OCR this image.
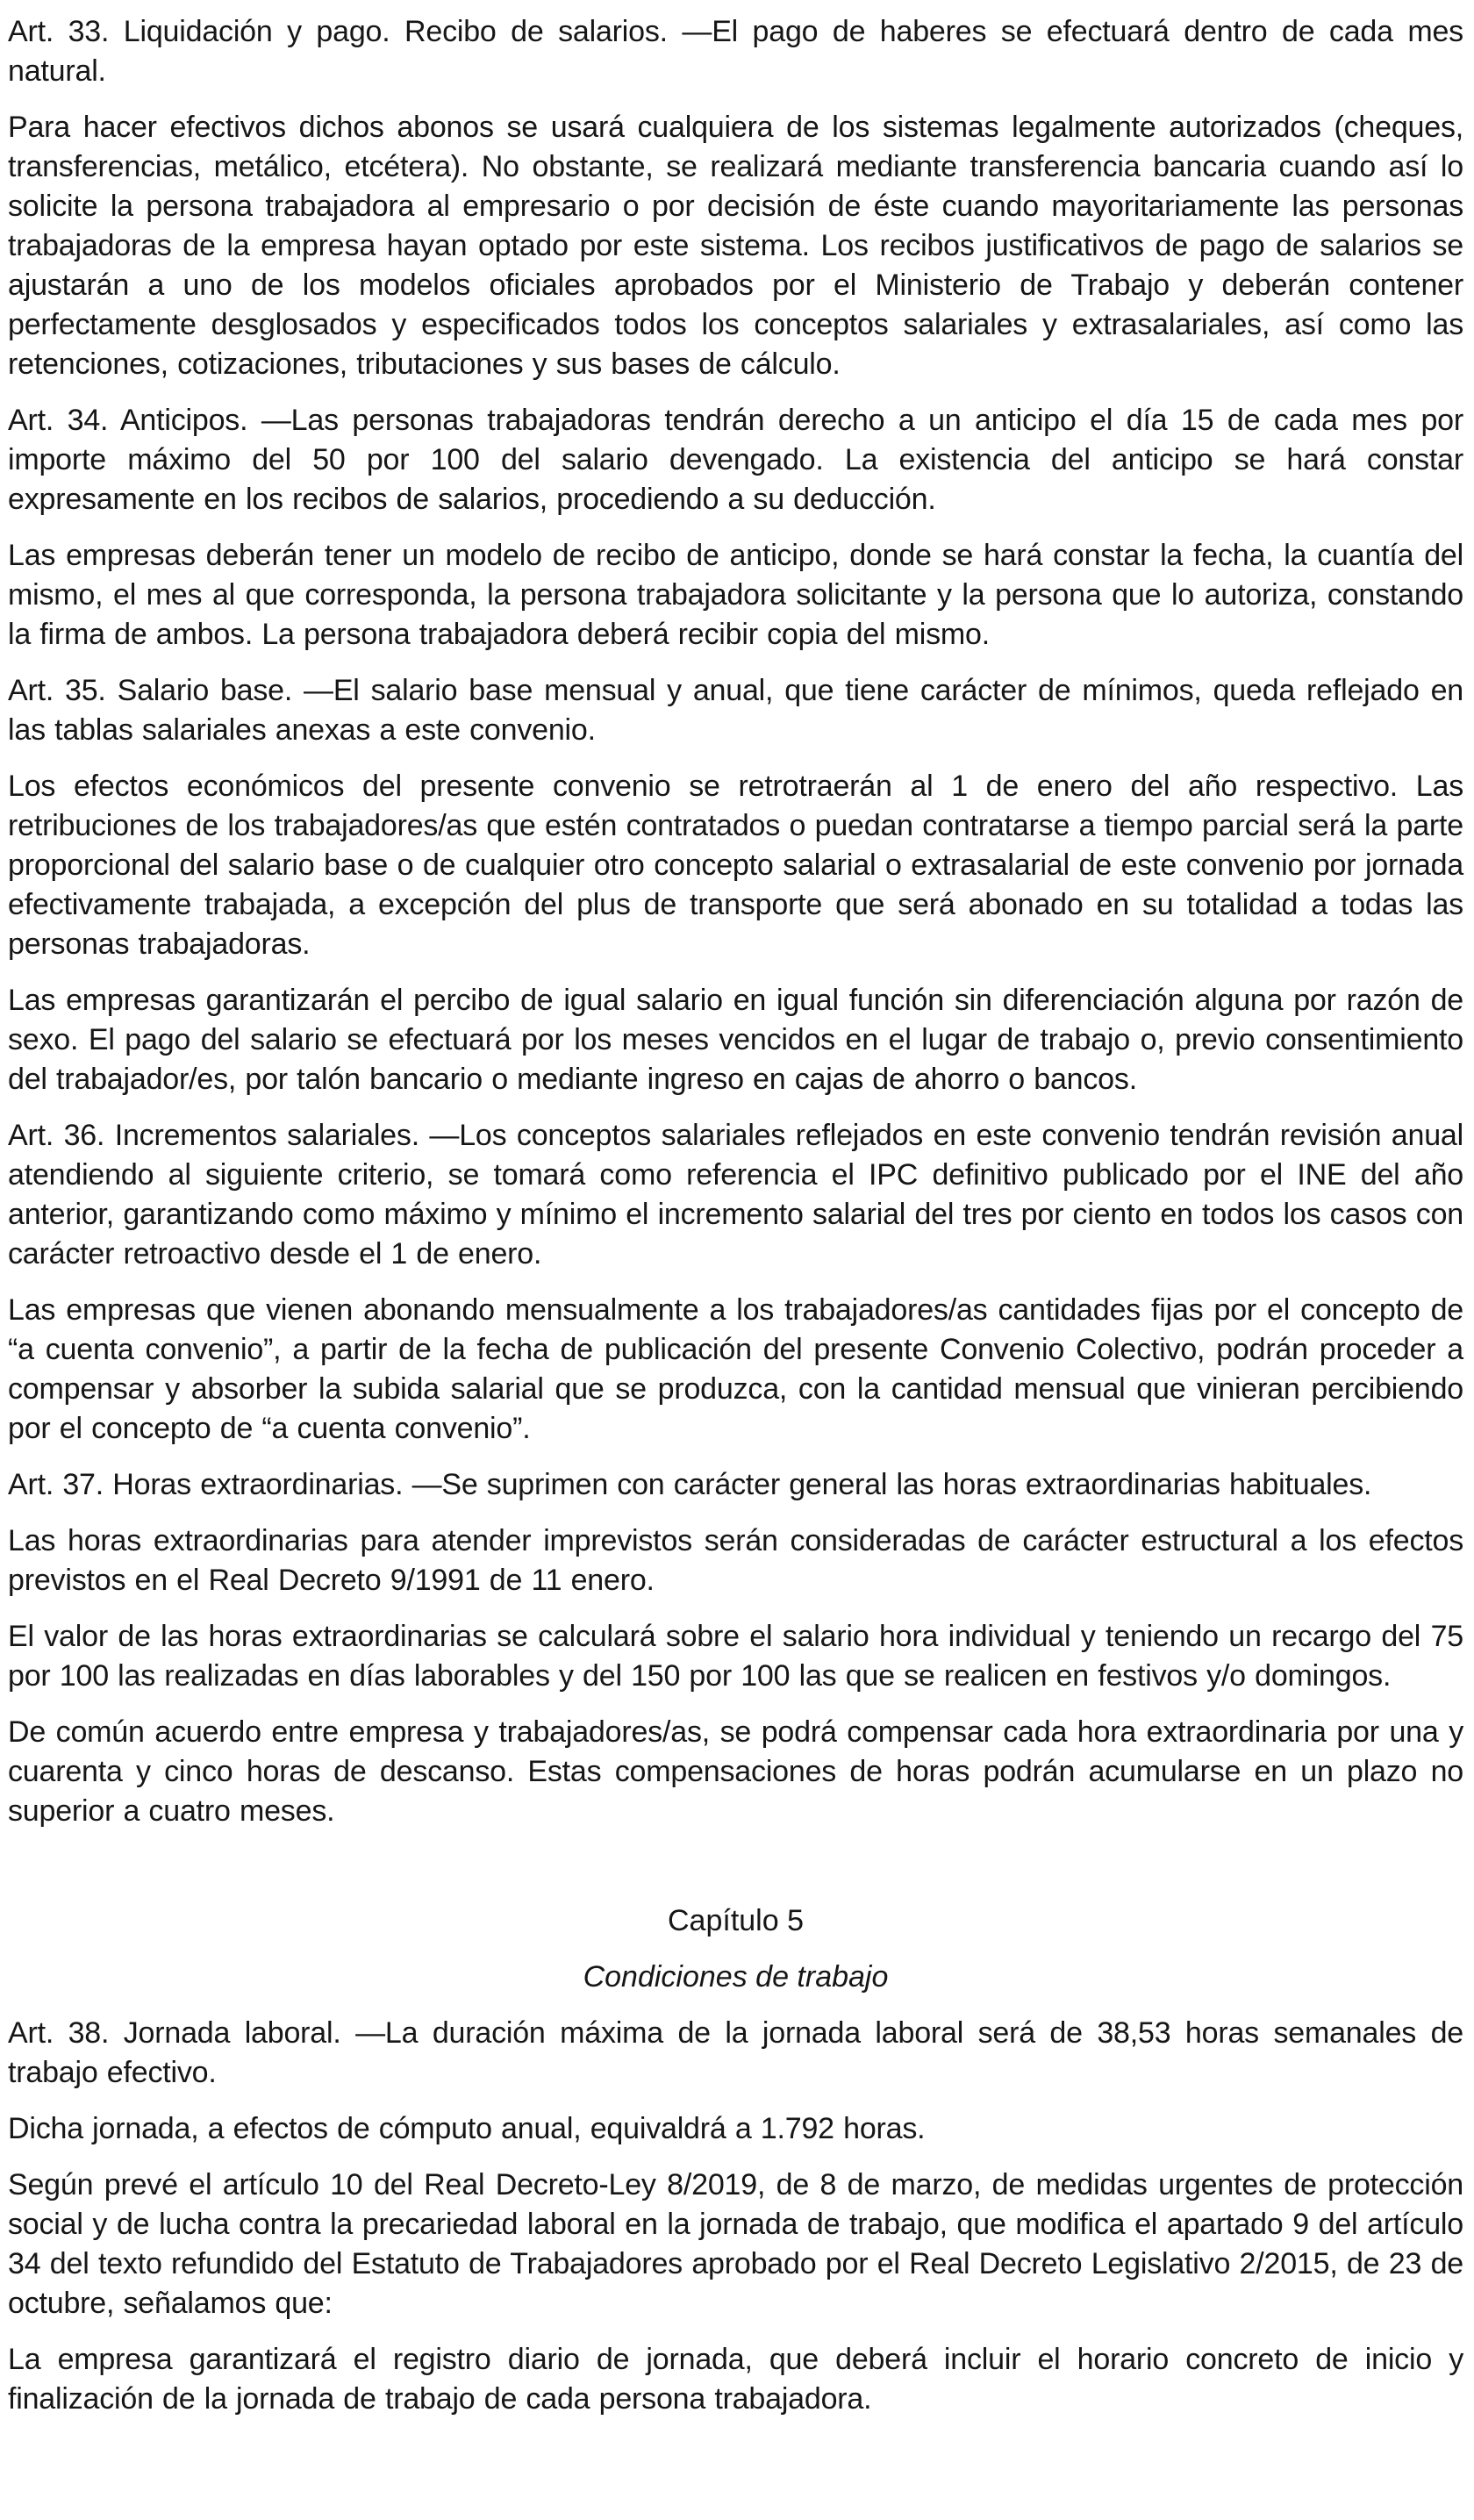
Art. 33. Liquidación y pago. Recibo de salarios. —El pago de haberes se efectuará dentro de cada mes natural.

Para hacer efectivos dichos abonos se usará cualquiera de los sistemas legalmente autorizados (cheques, transferencias, metálico, etcétera). No obstante, se realizará mediante transferencia bancaria cuando así lo solicite la persona trabajadora al empresario o por decisión de éste cuando mayoritariamente las personas trabajadoras de la empresa hayan optado por este sistema. Los recibos justificativos de pago de salarios se ajustarán a uno de los modelos oficiales aprobados por el Ministerio de Trabajo y deberán contener perfectamente desglosados y especificados todos los conceptos salariales y extrasalariales, así como las retenciones, cotizaciones, tributaciones y sus bases de cálculo.

Art. 34. Anticipos. —Las personas trabajadoras tendrán derecho a un anticipo el día 15 de cada mes por importe máximo del 50 por 100 del salario devengado. La existencia del anticipo se hará constar expresamente en los recibos de salarios, procediendo a su deducción.

Las empresas deberán tener un modelo de recibo de anticipo, donde se hará constar la fecha, la cuantía del mismo, el mes al que corresponda, la persona trabajadora solicitante y la persona que lo autoriza, constando la firma de ambos. La persona trabajadora deberá recibir copia del mismo.

Art. 35. Salario base. —El salario base mensual y anual, que tiene carácter de mínimos, queda reflejado en las tablas salariales anexas a este convenio.

Los efectos económicos del presente convenio se retrotraerán al 1 de enero del año respectivo. Las retribuciones de los trabajadores/as que estén contratados o puedan contratarse a tiempo parcial será la parte proporcional del salario base o de cualquier otro concepto salarial o extrasalarial de este convenio por jornada efectivamente trabajada, a excepción del plus de transporte que será abonado en su totalidad a todas las personas trabajadoras.

Las empresas garantizarán el percibo de igual salario en igual función sin diferenciación alguna por razón de sexo. El pago del salario se efectuará por los meses vencidos en el lugar de trabajo o, previo consentimiento del trabajador/es, por talón bancario o mediante ingreso en cajas de ahorro o bancos.

Art. 36. Incrementos salariales. —Los conceptos salariales reflejados en este convenio tendrán revisión anual atendiendo al siguiente criterio, se tomará como referencia el IPC definitivo publicado por el INE del año anterior, garantizando como máximo y mínimo el incremento salarial del tres por ciento en todos los casos con carácter retroactivo desde el 1 de enero.

Las empresas que vienen abonando mensualmente a los trabajadores/as cantidades fijas por el concepto de “a cuenta convenio”, a partir de la fecha de publicación del presente Convenio Colectivo, podrán proceder a compensar y absorber la subida salarial que se produzca, con la cantidad mensual que vinieran percibiendo por el concepto de “a cuenta convenio”.

Art. 37. Horas extraordinarias. —Se suprimen con carácter general las horas extraordinarias habituales.

Las horas extraordinarias para atender imprevistos serán consideradas de carácter estructural a los efectos previstos en el Real Decreto 9/1991 de 11 enero.

El valor de las horas extraordinarias se calculará sobre el salario hora individual y teniendo un recargo del 75 por 100 las realizadas en días laborables y del 150 por 100 las que se realicen en festivos y/o domingos.

De común acuerdo entre empresa y trabajadores/as, se podrá compensar cada hora extraordinaria por una y cuarenta y cinco horas de descanso. Estas compensaciones de horas podrán acumularse en un plazo no superior a cuatro meses.

Capítulo 5
Condiciones de trabajo

Art. 38. Jornada laboral. —La duración máxima de la jornada laboral será de 38,53 horas semanales de trabajo efectivo.

Dicha jornada, a efectos de cómputo anual, equivaldrá a 1.792 horas.

Según prevé el artículo 10 del Real Decreto-Ley 8/2019, de 8 de marzo, de medidas urgentes de protección social y de lucha contra la precariedad laboral en la jornada de trabajo, que modifica el apartado 9 del artículo 34 del texto refundido del Estatuto de Trabajadores aprobado por el Real Decreto Legislativo 2/2015, de 23 de octubre, señalamos que:

La empresa garantizará el registro diario de jornada, que deberá incluir el horario concreto de inicio y finalización de la jornada de trabajo de cada persona trabajadora.
